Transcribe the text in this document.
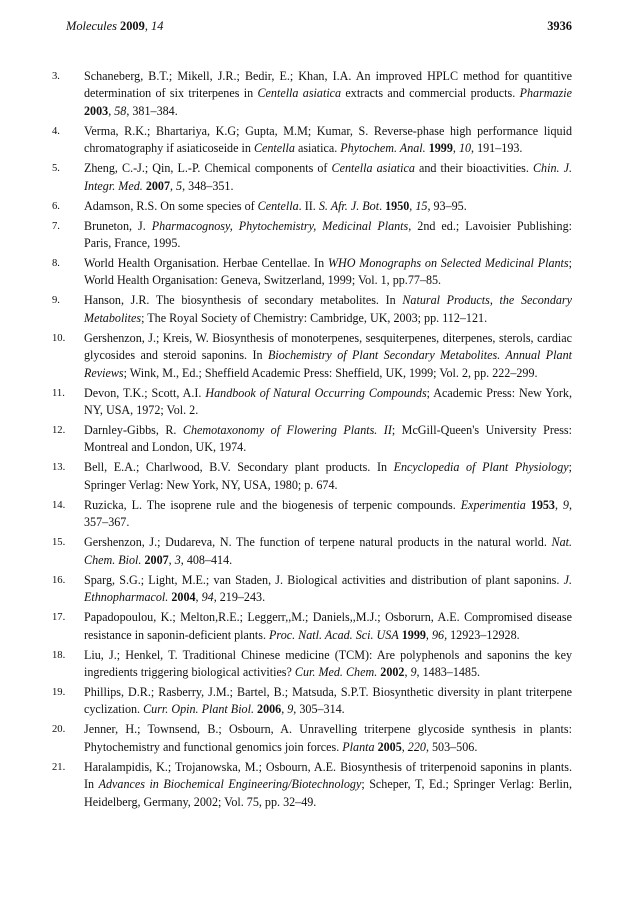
Molecules 2009, 14	3936
3.	Schaneberg, B.T.; Mikell, J.R.; Bedir, E.; Khan, I.A. An improved HPLC method for quantitive determination of six triterpenes in Centella asiatica extracts and commercial products. Pharmazie 2003, 58, 381–384.
4.	Verma, R.K.; Bhartariya, K.G; Gupta, M.M; Kumar, S. Reverse-phase high performance liquid chromatography if asiaticoseide in Centella asiatica. Phytochem. Anal. 1999, 10, 191–193.
5.	Zheng, C.-J.; Qin, L.-P. Chemical components of Centella asiatica and their bioactivities. Chin. J. Integr. Med. 2007, 5, 348–351.
6.	Adamson, R.S. On some species of Centella. II. S. Afr. J. Bot. 1950, 15, 93–95.
7.	Bruneton, J. Pharmacognosy, Phytochemistry, Medicinal Plants, 2nd ed.; Lavoisier Publishing: Paris, France, 1995.
8.	World Health Organisation. Herbae Centellae. In WHO Monographs on Selected Medicinal Plants; World Health Organisation: Geneva, Switzerland, 1999; Vol. 1, pp.77–85.
9.	Hanson, J.R. The biosynthesis of secondary metabolites. In Natural Products, the Secondary Metabolites; The Royal Society of Chemistry: Cambridge, UK, 2003; pp. 112–121.
10.	Gershenzon, J.; Kreis, W. Biosynthesis of monoterpenes, sesquiterpenes, diterpenes, sterols, cardiac glycosides and steroid saponins. In Biochemistry of Plant Secondary Metabolites. Annual Plant Reviews; Wink, M., Ed.; Sheffield Academic Press: Sheffield, UK, 1999; Vol. 2, pp. 222–299.
11.	Devon, T.K.; Scott, A.I. Handbook of Natural Occurring Compounds; Academic Press: New York, NY, USA, 1972; Vol. 2.
12.	Darnley-Gibbs, R. Chemotaxonomy of Flowering Plants. II; McGill-Queen's University Press: Montreal and London, UK, 1974.
13.	Bell, E.A.; Charlwood, B.V. Secondary plant products. In Encyclopedia of Plant Physiology; Springer Verlag: New York, NY, USA, 1980; p. 674.
14.	Ruzicka, L. The isoprene rule and the biogenesis of terpenic compounds. Experimentia 1953, 9, 357–367.
15.	Gershenzon, J.; Dudareva, N. The function of terpene natural products in the natural world. Nat. Chem. Biol. 2007, 3, 408–414.
16.	Sparg, S.G.; Light, M.E.; van Staden, J. Biological activities and distribution of plant saponins. J. Ethnopharmacol. 2004, 94, 219–243.
17.	Papadopoulou, K.; Melton,R.E.; Leggerr,,M.; Daniels,,M.J.; Osborurn, A.E. Compromised disease resistance in saponin-deficient plants. Proc. Natl. Acad. Sci. USA 1999, 96, 12923–12928.
18.	Liu, J.; Henkel, T. Traditional Chinese medicine (TCM): Are polyphenols and saponins the key ingredients triggering biological activities? Cur. Med. Chem. 2002, 9, 1483–1485.
19.	Phillips, D.R.; Rasberry, J.M.; Bartel, B.; Matsuda, S.P.T. Biosynthetic diversity in plant triterpene cyclization. Curr. Opin. Plant Biol. 2006, 9, 305–314.
20.	Jenner, H.; Townsend, B.; Osbourn, A. Unravelling triterpene glycoside synthesis in plants: Phytochemistry and functional genomics join forces. Planta 2005, 220, 503–506.
21.	Haralampidis, K.; Trojanowska, M.; Osbourn, A.E. Biosynthesis of triterpenoid saponins in plants. In Advances in Biochemical Engineering/Biotechnology; Scheper, T, Ed.; Springer Verlag: Berlin, Heidelberg, Germany, 2002; Vol. 75, pp. 32–49.
